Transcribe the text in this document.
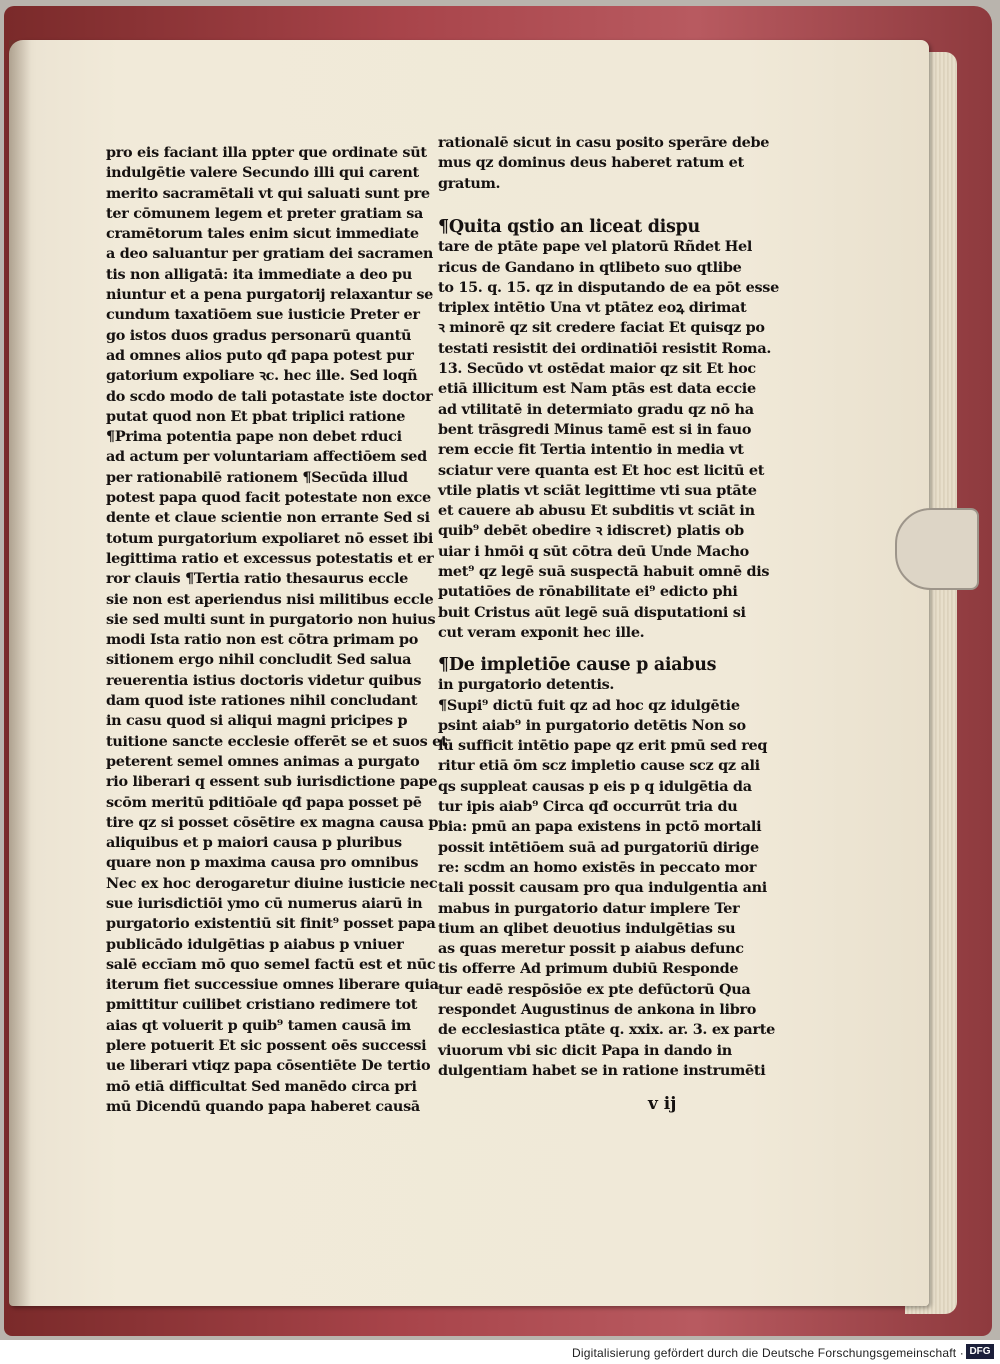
pro eis faciant illa ppter que ordinate sūt
indulgētie valere Secundo illi qui carent
merito sacramētali vt qui saluati sunt pre
ter cōmunem legem et preter gratiam sa
cramētorum tales enim sicut immediate
a deo saluantur per gratiam dei sacramen
tis non alligatā: ita immediate a deo pu
niuntur et a pena purgatorij relaxantur se
cundum taxatiōem sue iusticie Preter er
go istos duos gradus personarū quantū
ad omnes alios puto qđ papa potest pur
gatorium expoliare ꝛc. hec ille. Sed loqñ
do scdo modo de tali potastate iste doctor
putat quod non Et pbat triplici ratione
¶Prima potentia pape non debet rduci
ad actum per voluntariam affectiōem sed
per rationabilē rationem ¶Secūda illud
potest papa quod facit potestate non exce
dente et claue scientie non errante Sed si
totum purgatorium expoliaret nō esset ibi
legittima ratio et excessus potestatis et er
ror clauis ¶Tertia ratio thesaurus eccle
sie non est aperiendus nisi militibus eccle
sie sed multi sunt in purgatorio non huius
modi Ista ratio non est cōtra primam po
sitionem ergo nihil concludit Sed salua
reuerentia istius doctoris videtur quibus
dam quod iste rationes nihil concludant
in casu quod si aliqui magni pricipes p
tuitione sancte ecclesie offerēt se et suos et
peterent semel omnes animas a purgato
rio liberari q essent sub iurisdictione pape
scōm meritū pditiōale qđ papa posset pē
tire qz si posset cōsētire ex magna causa p
aliquibus et p maiori causa p pluribus
quare non p maxima causa pro omnibus
Nec ex hoc derogaretur diuine iusticie nec
sue iurisdictiōi ymo cū numerus aiarū in
purgatorio existentiū sit finit⁹ posset papa
publicādo idulgētias p aiabus p vniuer
salē eccīam mō quo semel factū est et nūc
iterum fiet successiue omnes liberare quia
pmittitur cuilibet cristiano redimere tot
aias qt voluerit p quib⁹ tamen causā im
plere potuerit Et sic possent oēs successi
ue liberari vtiqz papa cōsentiēte De tertio
mō etiā difficultat Sed manēdo circa pri
mū Dicendū quando papa haberet causā
rationalē sicut in casu posito sperāre debe
mus qz dominus deus haberet ratum et
gratum.
¶Quita qstio an liceat dispu
tare de ptāte pape vel platorū Rñdet Hel
ricus de Gandano in qtlibeto suo qtlibe
to 15. q. 15. qz in disputando de ea pōt esse
triplex intētio Una vt ptātez eoꝝ dirimat
ꝛ minorē qz sit credere faciat Et quisqz po
testati resistit dei ordinatiōi resistit Roma.
13. Secūdo vt ostēdat maior qz sit Et hoc
etiā illicitum est Nam ptās est data eccie
ad vtilitatē in determiato gradu qz nō ha
bent trāsgredi Minus tamē est si in fauo
rem eccie fit Tertia intentio in media vt
sciatur vere quanta est Et hoc est licitū et
vtile platis vt sciāt legittime vti sua ptāte
et cauere ab abusu Et subditis vt sciāt in
quib⁹ debēt obedire ꝛ idiscret) platis ob
uiar i hmōi q sūt cōtra deū Unde Macho
met⁹ qz legē suā suspectā habuit omnē dis
putatiōes de rōnabilitate ei⁹ edicto phi
buit Cristus aūt legē suā disputationi si
cut veram exponit hec ille.
¶De impletiōe cause p aiabus
in purgatorio detentis.
¶Supi⁹ dictū fuit qz ad hoc qz idulgētie
psint aiab⁹ in purgatorio detētis Non so
lū sufficit intētio pape qz erit pmū sed req
ritur etiā ōm scz impletio cause scz qz ali
qs suppleat causas p eis p q idulgētia da
tur ipis aiab⁹ Circa qđ occurrūt tria du
bia: pmū an papa existens in pctō mortali
possit intētiōem suā ad purgatoriū dirige
re: scdm an homo existēs in peccato mor
tali possit causam pro qua indulgentia ani
mabus in purgatorio datur implere Ter
tium an qlibet deuotius indulgētias su
as quas meretur possit p aiabus defunc
tis offerre Ad primum dubiū Responde
tur eadē respōsiōe ex pte defūctorū Qua
respondet Augustinus de ankona in libro
de ecclesiastica ptāte q. xxix. ar. 3. ex parte
viuorum vbi sic dicit Papa in dando in
dulgentiam habet se in ratione instrumēti
v ij
Digitalisierung gefördert durch die Deutsche Forschungsgemeinschaft · DFG
